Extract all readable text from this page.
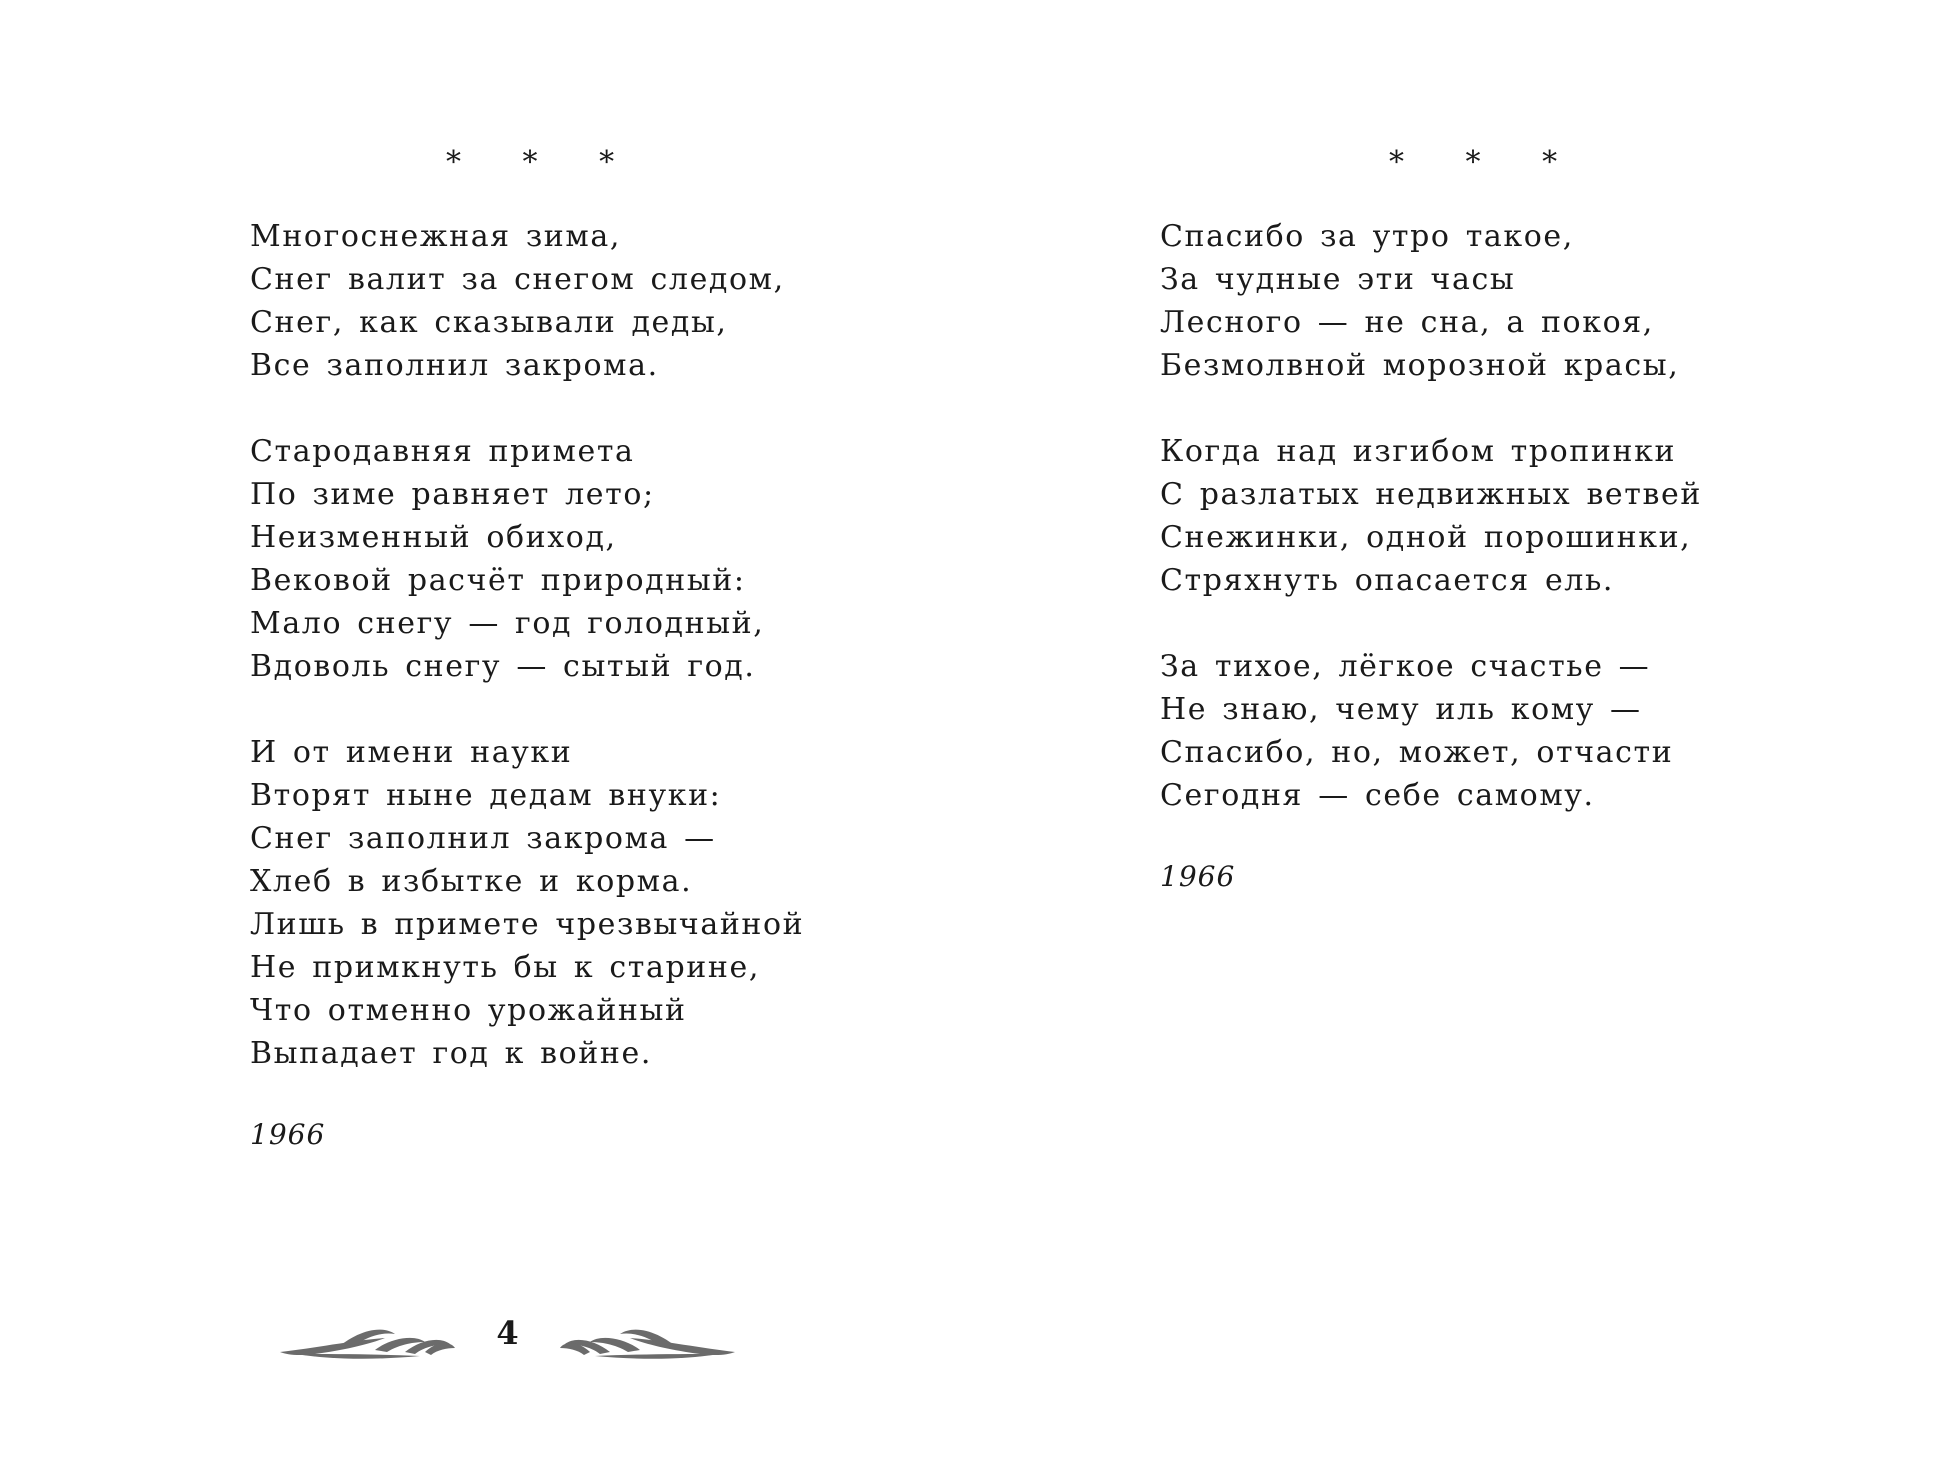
* * *
Многоснежная зима,
Снег валит за снегом следом,
Снег, как сказывали деды,
Все заполнил закрома.
Стародавняя примета
По зиме равняет лето;
Неизменный обиход,
Вековой расчёт природный:
Мало снегу — год голодный,
Вдоволь снегу — сытый год.
И от имени науки
Вторят ныне дедам внуки:
Снег заполнил закрома —
Хлеб в избытке и корма.
Лишь в примете чрезвычайной
Не примкнуть бы к старине,
Что отменно урожайный
Выпадает год к войне.
1966
* * *
Спасибо за утро такое,
За чудные эти часы
Лесного — не сна, а покоя,
Безмолвной морозной красы,
Когда над изгибом тропинки
С разлатых недвижных ветвей
Снежинки, одной порошинки,
Стряхнуть опасается ель.
За тихое, лёгкое счастье —
Не знаю, чему иль кому —
Спасибо, но, может, отчасти
Сегодня — себе самому.
1966
4
